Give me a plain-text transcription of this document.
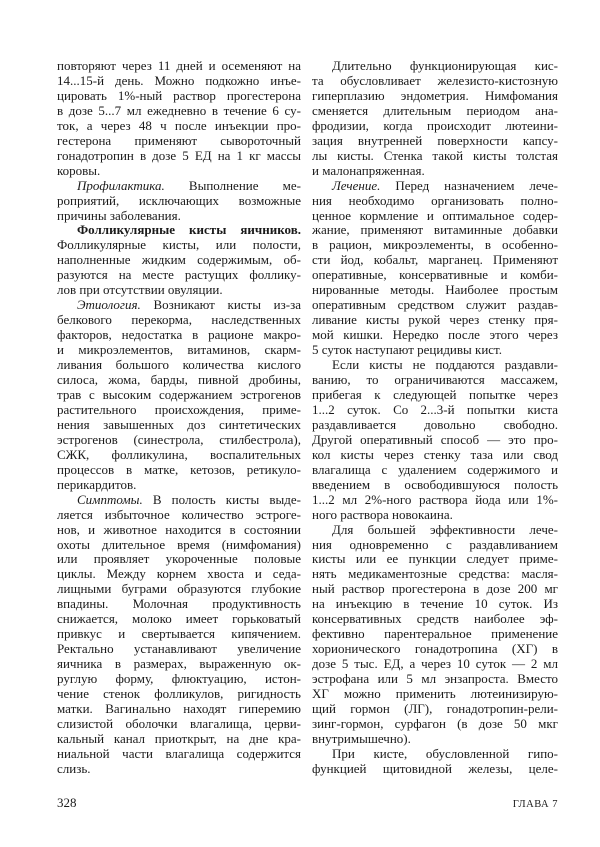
повторяют через 11 дней и осеменяют на
14...15-й день. Можно подкожно инъе-
цировать 1%-ный раствор прогестерона
в дозе 5...7 мл ежедневно в течение 6 су-
ток, а через 48 ч после инъекции про-
гестерона применяют сывороточный
гонадотропин в дозе 5 ЕД на 1 кг массы
коровы.
Профилактика. Выполнение ме-
роприятий, исключающих возможные
причины заболевания.
Фолликулярные кисты яичников.
Фолликулярные кисты, или полости,
наполненные жидким содержимым, об-
разуются на месте растущих фоллику-
лов при отсутствии овуляции.
Этиология. Возникают кисты из-за
белкового перекорма, наследственных
факторов, недостатка в рационе макро-
и микроэлементов, витаминов, скарм-
ливания большого количества кислого
силоса, жома, барды, пивной дробины,
трав с высоким содержанием эстрогенов
растительного происхождения, приме-
нения завышенных доз синтетических
эстрогенов (синестрола, стилбестрола),
СЖК, фолликулина, воспалительных
процессов в матке, кетозов, ретикуло-
перикардитов.
Симптомы. В полость кисты выде-
ляется избыточное количество эстроге-
нов, и животное находится в состоянии
охоты длительное время (нимфомания)
или проявляет укороченные половые
циклы. Между корнем хвоста и седа-
лищными буграми образуются глубокие
впадины. Молочная продуктивность
снижается, молоко имеет горьковатый
привкус и свертывается кипячением.
Ректально устанавливают увеличение
яичника в размерах, выраженную ок-
руглую форму, флюктуацию, истон-
чение стенок фолликулов, ригидность
матки. Вагинально находят гиперемию
слизистой оболочки влагалища, церви-
кальный канал приоткрыт, на дне кра-
ниальной части влагалища содержится
слизь.
Длительно функционирующая кис-
та обусловливает железисто-кистозную
гиперплазию эндометрия. Нимфомания
сменяется длительным периодом ана-
фродизии, когда происходит лютеини-
зация внутренней поверхности капсу-
лы кисты. Стенка такой кисты толстая
и малонапряженная.
Лечение. Перед назначением лече-
ния необходимо организовать полно-
ценное кормление и оптимальное содер-
жание, применяют витаминные добавки
в рацион, микроэлементы, в особенно-
сти йод, кобальт, марганец. Применяют
оперативные, консервативные и комби-
нированные методы. Наиболее простым
оперативным средством служит раздав-
ливание кисты рукой через стенку пря-
мой кишки. Нередко после этого через
5 суток наступают рецидивы кист.
Если кисты не поддаются раздавли-
ванию, то ограничиваются массажем,
прибегая к следующей попытке через
1...2 суток. Со 2...3-й попытки киста
раздавливается довольно свободно.
Другой оперативный способ — это про-
кол кисты через стенку таза или свод
влагалища с удалением содержимого и
введением в освободившуюся полость
1...2 мл 2%-ного раствора йода или 1%-
ного раствора новокаина.
Для большей эффективности лече-
ния одновременно с раздавливанием
кисты или ее пункции следует приме-
нять медикаментозные средства: масля-
ный раствор прогестерона в дозе 200 мг
на инъекцию в течение 10 суток. Из
консервативных средств наиболее эф-
фективно парентеральное применение
хорионического гонадотропина (ХГ) в
дозе 5 тыс. ЕД, а через 10 суток — 2 мл
эстрофана или 5 мл энзапроста. Вместо
ХГ можно применить лютеинизирую-
щий гормон (ЛГ), гонадотропин-рели-
зинг-гормон, сурфагон (в дозе 50 мкг
внутримышечно).
При кисте, обусловленной гипо-
функцией щитовидной железы, целе-
328	ГЛАВА 7
